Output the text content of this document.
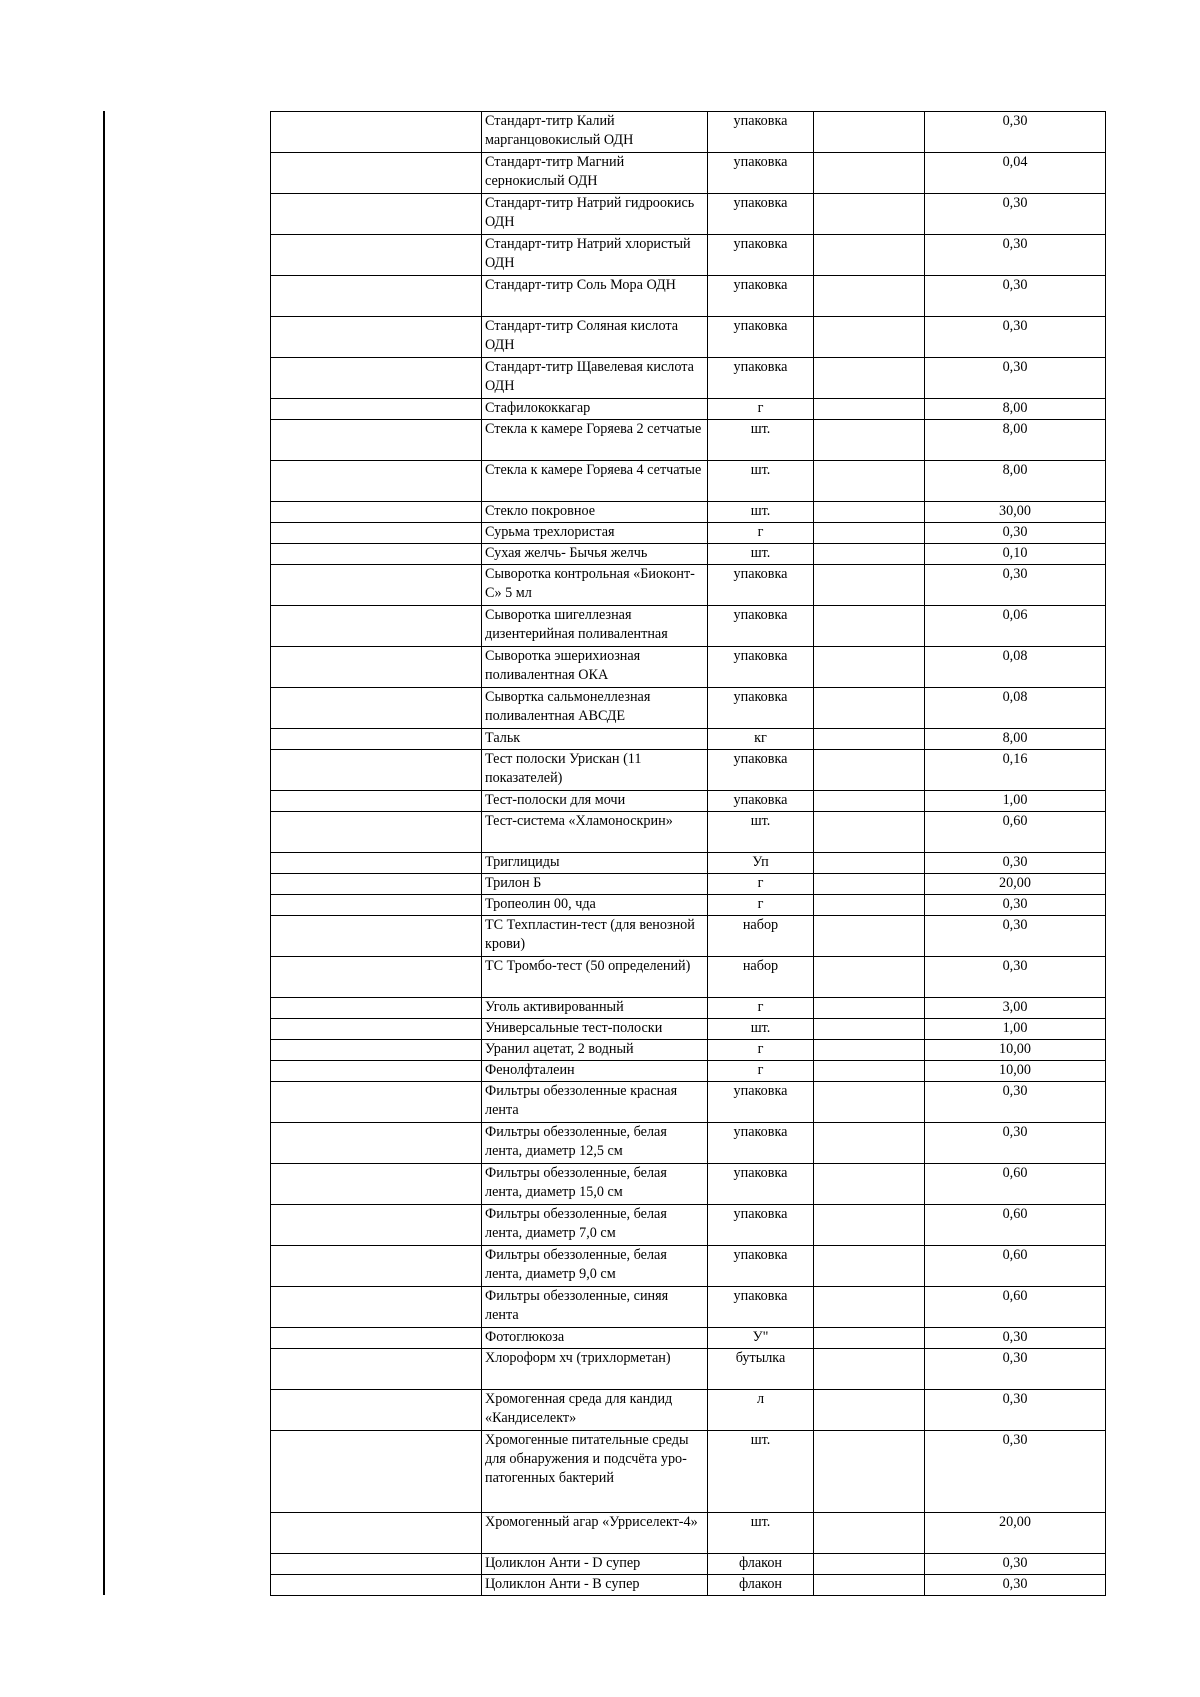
	Стандарт-титр Калий марганцовокислый ОДН	упаковка		0,30
	Стандарт-титр Магний сернокислый ОДН	упаковка		0,04
	Стандарт-титр Натрий гидроокись ОДН	упаковка		0,30
	Стандарт-титр Натрий хлористый ОДН	упаковка		0,30
	Стандарт-титр Соль Мора ОДН	упаковка		0,30
	Стандарт-титр Соляная кислота ОДН	упаковка		0,30
	Стандарт-титр Щавелевая кислота ОДН	упаковка		0,30
	Стафилококкагар	г		8,00
	Стекла к камере Горяева 2 сетчатые	шт.		8,00
	Стекла к камере Горяева 4 сетчатые	шт.		8,00
	Стекло покровное	шт.		30,00
	Сурьма трехлористая	г		0,30
	Сухая желчь- Бычья желчь	шт.		0,10
	Сыворотка контрольная «Биоконт-С» 5 мл	упаковка		0,30
	Сыворотка шигеллезная дизентерийная поливалентная	упаковка		0,06
	Сыворотка эшерихиозная поливалентная ОКА	упаковка		0,08
	Сывортка сальмонеллезная поливалентная АВСДЕ	упаковка		0,08
	Тальк	кг		8,00
	Тест полоски Урискан (11 показателей)	упаковка		0,16
	Тест-полоски для мочи	упаковка		1,00
	Тест-система «Хламоноскрин»	шт.		0,60
	Триглициды	Уп		0,30
	Трилон Б	г		20,00
	Тропеолин 00, чда	г		0,30
	ТС Техпластин-тест (для венозной крови)	набор		0,30
	ТС Тромбо-тест (50 определений)	набор		0,30
	Уголь активированный	г		3,00
	Универсальные тест-полоски	шт.		1,00
	Уранил ацетат, 2 водный	г		10,00
	Фенолфталеин	г		10,00
	Фильтры обеззоленные красная лента	упаковка		0,30
	Фильтры обеззоленные, белая лента, диаметр 12,5 см	упаковка		0,30
	Фильтры обеззоленные, белая лента, диаметр 15,0 см	упаковка		0,60
	Фильтры обеззоленные, белая лента, диаметр 7,0 см	упаковка		0,60
	Фильтры обеззоленные, белая лента, диаметр 9,0 см	упаковка		0,60
	Фильтры обеззоленные, синяя лента	упаковка		0,60
	Фотоглюкоза	У"		0,30
	Хлороформ хч (трихлорметан)	бутылка		0,30
	Хромогенная среда для кандид «Кандиселект»	л		0,30
	Хромогенные питательные среды для обнаружения и подсчёта уро-патогенных бактерий	шт.		0,30
	Хромогенный агар «Урриселект-4»	шт.		20,00
	Цоликлон Анти - D супер	флакон		0,30
	Цоликлон Анти - В супер	флакон		0,30
